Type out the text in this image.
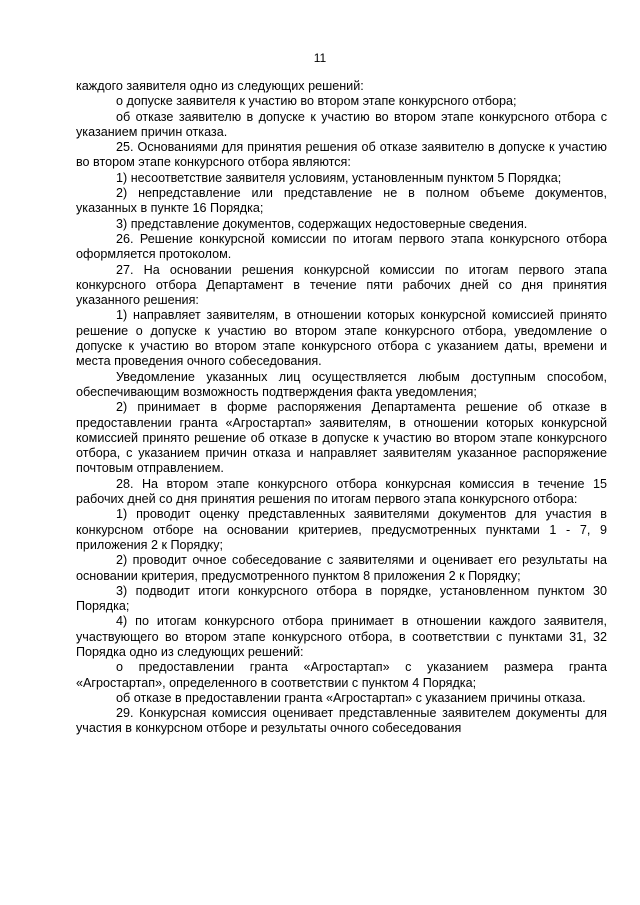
11

каждого заявителя одно из следующих решений:

о допуске заявителя к участию во втором этапе конкурсного отбора;

об отказе заявителю в допуске к участию во втором этапе конкурсного отбора с указанием причин отказа.

25. Основаниями для принятия решения об отказе заявителю в допуске к участию во втором этапе конкурсного отбора являются:

1) несоответствие заявителя условиям, установленным пунктом 5 Порядка;

2) непредставление или представление не в полном объеме документов, указанных в пункте 16 Порядка;

3) представление документов, содержащих недостоверные сведения.

26. Решение конкурсной комиссии по итогам первого этапа конкурсного отбора оформляется протоколом.

27. На основании решения конкурсной комиссии по итогам первого этапа конкурсного отбора Департамент в течение пяти рабочих дней со дня принятия указанного решения:

1) направляет заявителям, в отношении которых конкурсной комиссией принято решение о допуске к участию во втором этапе конкурсного отбора, уведомление о допуске к участию во втором этапе конкурсного отбора с указанием даты, времени и места проведения очного собеседования.

Уведомление указанных лиц осуществляется любым доступным способом, обеспечивающим возможность подтверждения факта уведомления;

2) принимает в форме распоряжения Департамента решение об отказе в предоставлении гранта «Агростартап» заявителям, в отношении которых конкурсной комиссией принято решение об отказе в допуске к участию во втором этапе конкурсного отбора, с указанием причин отказа и направляет заявителям указанное распоряжение почтовым отправлением.

28. На втором этапе конкурсного отбора конкурсная комиссия в течение 15 рабочих дней со дня принятия решения по итогам первого этапа конкурсного отбора:

1) проводит оценку представленных заявителями документов для участия в конкурсном отборе на основании критериев, предусмотренных пунктами 1 - 7, 9 приложения 2 к Порядку;

2) проводит очное собеседование с заявителями и оценивает его результаты на основании критерия, предусмотренного пунктом 8 приложения 2 к Порядку;

3) подводит итоги конкурсного отбора в порядке, установленном пунктом 30 Порядка;

4) по итогам конкурсного отбора принимает в отношении каждого заявителя, участвующего во втором этапе конкурсного отбора, в соответствии с пунктами 31, 32 Порядка одно из следующих решений:

о предоставлении гранта «Агростартап» с указанием размера гранта «Агростартап», определенного в соответствии с пунктом 4 Порядка;

об отказе в предоставлении гранта «Агростартап» с указанием причины отказа.

29. Конкурсная комиссия оценивает представленные заявителем документы для участия в конкурсном отборе и результаты очного собеседования
